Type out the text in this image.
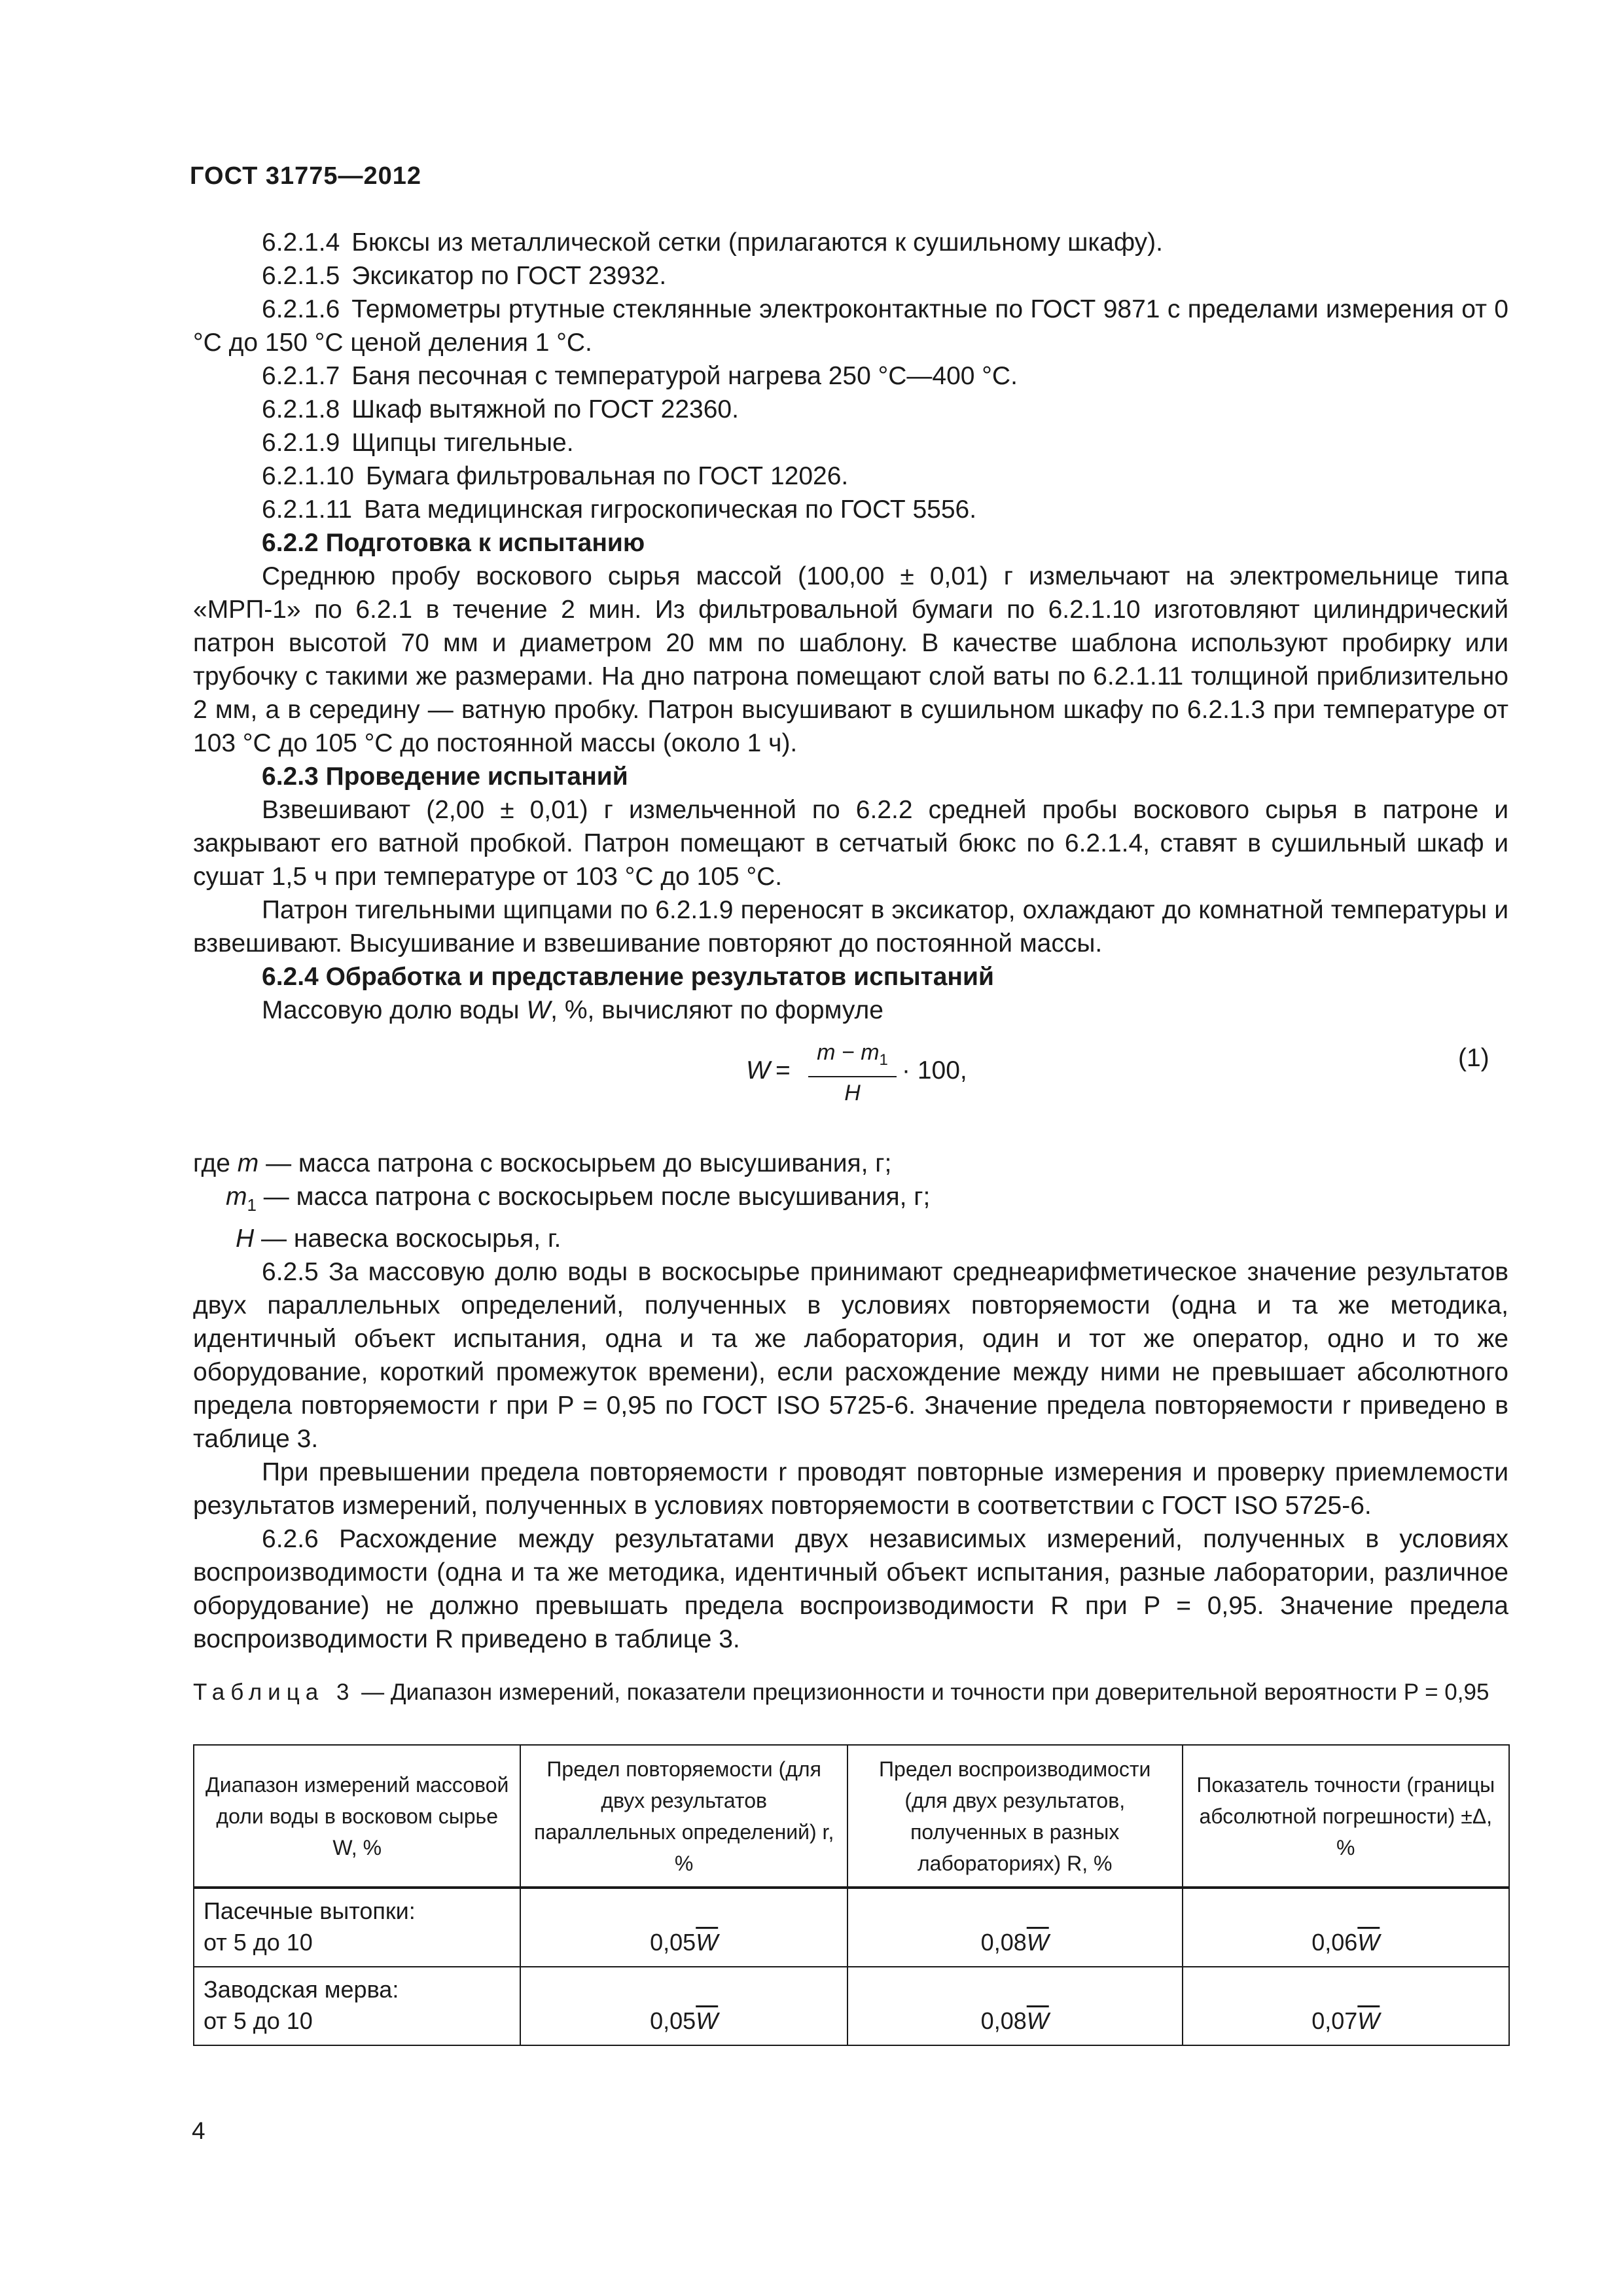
ГОСТ 31775—2012

6.2.1.4 Бюксы из металлической сетки (прилагаются к сушильному шкафу).

6.2.1.5 Эксикатор по ГОСТ 23932.

6.2.1.6 Термометры ртутные стеклянные электроконтактные по ГОСТ 9871 с пределами измерения от 0 °С до 150 °С ценой деления 1 °С.

6.2.1.7 Баня песочная с температурой нагрева 250 °С—400 °С.

6.2.1.8 Шкаф вытяжной по ГОСТ 22360.

6.2.1.9 Щипцы тигельные.

6.2.1.10 Бумага фильтровальная по ГОСТ 12026.

6.2.1.11 Вата медицинская гигроскопическая по ГОСТ 5556.

6.2.2 Подготовка к испытанию

Среднюю пробу воскового сырья массой (100,00 ± 0,01) г измельчают на электромельнице типа «МРП-1» по 6.2.1 в течение 2 мин. Из фильтровальной бумаги по 6.2.1.10 изготовляют цилиндрический патрон высотой 70 мм и диаметром 20 мм по шаблону. В качестве шаблона используют пробирку или трубочку с такими же размерами. На дно патрона помещают слой ваты по 6.2.1.11 толщиной приблизительно 2 мм, а в середину — ватную пробку. Патрон высушивают в сушильном шкафу по 6.2.1.3 при температуре от 103 °С до 105 °С до постоянной массы (около 1 ч).

6.2.3 Проведение испытаний

Взвешивают (2,00 ± 0,01) г измельченной по 6.2.2 средней пробы воскового сырья в патроне и закрывают его ватной пробкой. Патрон помещают в сетчатый бюкс по 6.2.1.4, ставят в сушильный шкаф и сушат 1,5 ч при температуре от 103 °С до 105 °С.

Патрон тигельными щипцами по 6.2.1.9 переносят в эксикатор, охлаждают до комнатной температуры и взвешивают. Высушивание и взвешивание повторяют до постоянной массы.

6.2.4 Обработка и представление результатов испытаний

Массовую долю воды W, %, вычисляют по формуле

W =
$m - m_1$
H
· 100,	(1)

где m — масса патрона с воскосырьем до высушивания, г;

$m_1$ — масса патрона с воскосырьем после высушивания, г;

H — навеска воскосырья, г.

6.2.5 За массовую долю воды в воскосырье принимают среднеарифметическое значение результатов двух параллельных определений, полученных в условиях повторяемости (одна и та же методика, идентичный объект испытания, одна и та же лаборатория, один и тот же оператор, одно и то же оборудование, короткий промежуток времени), если расхождение между ними не превышает абсолютного предела повторяемости r при P = 0,95 по ГОСТ ISO 5725-6. Значение предела повторяемости r приведено в таблице 3.

При превышении предела повторяемости r проводят повторные измерения и проверку приемлемости результатов измерений, полученных в условиях повторяемости в соответствии с ГОСТ ISO 5725-6.

6.2.6 Расхождение между результатами двух независимых измерений, полученных в условиях воспроизводимости (одна и та же методика, идентичный объект испытания, разные лаборатории, различное оборудование) не должно превышать предела воспроизводимости R при P = 0,95. Значение предела воспроизводимости R приведено в таблице 3.

Таблица 3 — Диапазон измерений, показатели прецизионности и точности при доверительной вероятности P = 0,95
Диапазон измерений массовой доли воды в восковом сырье W, %	Предел повторяемости (для двух результатов параллельных определений) r, %	Предел воспроизводимости (для двух результатов, полученных в разных лабораториях) R, %	Показатель точности (границы абсолютной погрешности) ±Δ, %
Пасечные вытопки:
от 5 до 10	$0,05\overline{W}$	$0,08\overline{W}$	$0,06\overline{W}$
Заводская мерва:
от 5 до 10	$0,05\overline{W}$	$0,08\overline{W}$	$0,07\overline{W}$
4
